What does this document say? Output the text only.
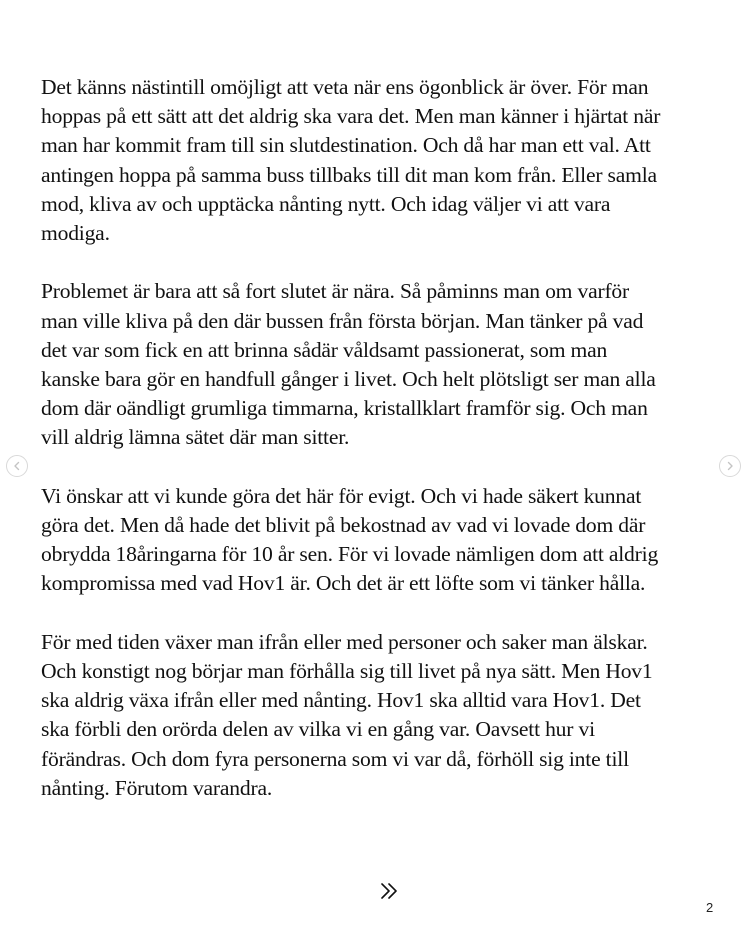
Det känns nästintill omöjligt att veta när ens ögonblick är över. För man
hoppas på ett sätt att det aldrig ska vara det. Men man känner i hjärtat när
man har kommit fram till sin slutdestination. Och då har man ett val. Att
antingen hoppa på samma buss tillbaks till dit man kom från. Eller samla
mod, kliva av och upptäcka nånting nytt. Och idag väljer vi att vara
modiga.

Problemet är bara att så fort slutet är nära. Så påminns man om varför
man ville kliva på den där bussen från första början. Man tänker på vad
det var som fick en att brinna sådär våldsamt passionerat, som man
kanske bara gör en handfull gånger i livet. Och helt plötsligt ser man alla
dom där oändligt grumliga timmarna, kristallklart framför sig. Och man
vill aldrig lämna sätet där man sitter.

Vi önskar att vi kunde göra det här för evigt. Och vi hade säkert kunnat
göra det. Men då hade det blivit på bekostnad av vad vi lovade dom där
obrydda 18åringarna för 10 år sen. För vi lovade nämligen dom att aldrig
kompromissa med vad Hov1 är. Och det är ett löfte som vi tänker hålla.

För med tiden växer man ifrån eller med personer och saker man älskar.
Och konstigt nog börjar man förhålla sig till livet på nya sätt. Men Hov1
ska aldrig växa ifrån eller med nånting. Hov1 ska alltid vara Hov1. Det
ska förbli den orörda delen av vilka vi en gång var. Oavsett hur vi
förändras. Och dom fyra personerna som vi var då, förhöll sig inte till
nånting. Förutom varandra.

2
